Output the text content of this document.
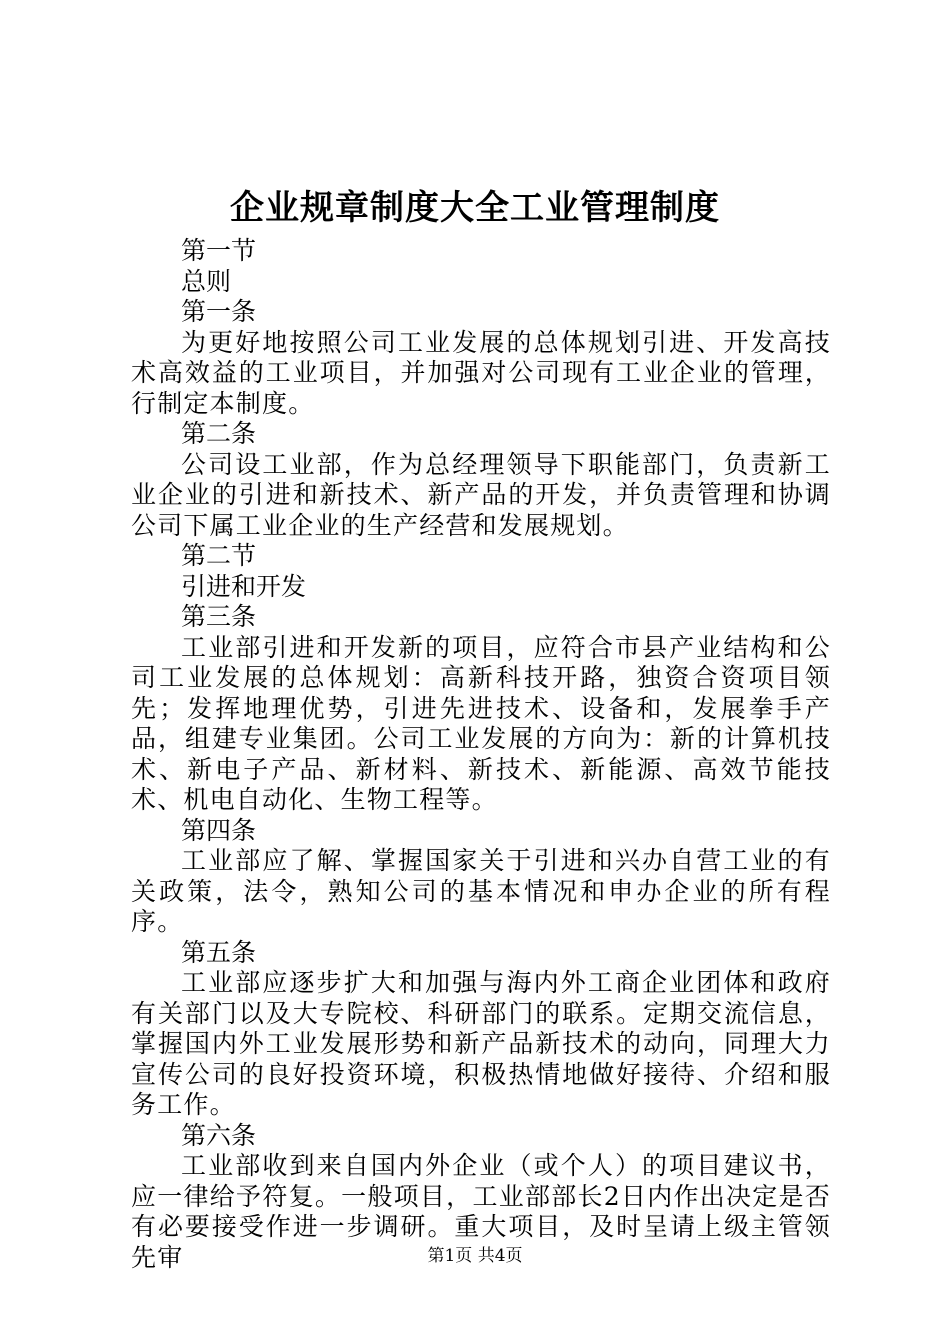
企业规章制度大全工业管理制度
第一节
总则
第一条
为更好地按照公司工业发展的总体规划引进、开发高技术高效益的工业项目，并加强对公司现有工业企业的管理，行制定本制度。
第二条
公司设工业部，作为总经理领导下职能部门，负责新工业企业的引进和新技术、新产品的开发，并负责管理和协调公司下属工业企业的生产经营和发展规划。
第二节
引进和开发
第三条
工业部引进和开发新的项目，应符合市县产业结构和公司工业发展的总体规划：高新科技开路，独资合资项目领先；发挥地理优势，引进先进技术、设备和，发展拳手产品，组建专业集团。公司工业发展的方向为：新的计算机技术、新电子产品、新材料、新技术、新能源、高效节能技术、机电自动化、生物工程等。
第四条
工业部应了解、掌握国家关于引进和兴办自营工业的有关政策，法令，熟知公司的基本情况和申办企业的所有程序。
第五条
工业部应逐步扩大和加强与海内外工商企业团体和政府有关部门以及大专院校、科研部门的联系。定期交流信息，掌握国内外工业发展形势和新产品新技术的动向，同理大力宣传公司的良好投资环境，积极热情地做好接待、介绍和服务工作。
第六条
工业部收到来自国内外企业（或个人）的项目建议书，应一律给予符复。一般项目，工业部部长2日内作出决定是否有必要接受作进一步调研。重大项目，及时呈请上级主管领先审	第1页 共4页
